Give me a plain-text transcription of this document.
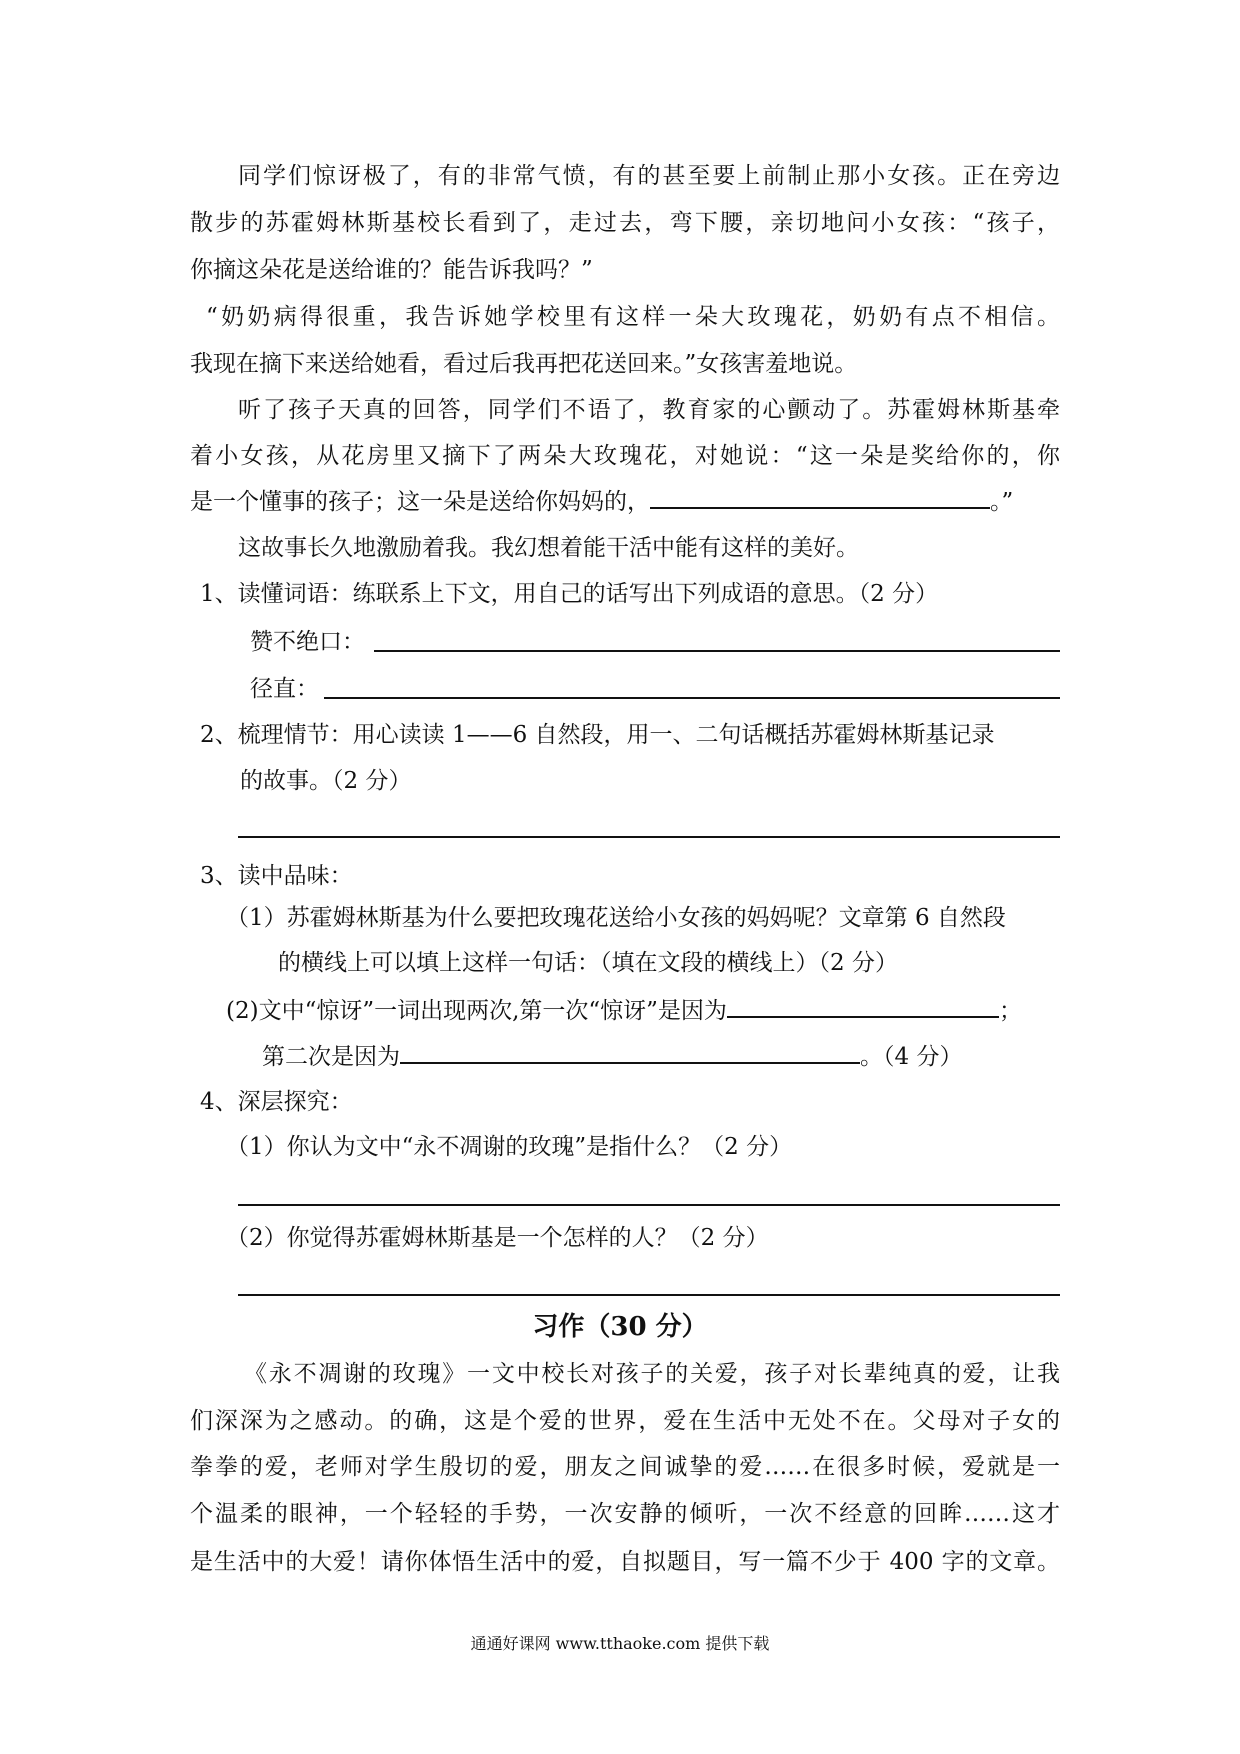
同学们惊讶极了，有的非常气愤，有的甚至要上前制止那小女孩。正在旁边
散步的苏霍姆林斯基校长看到了，走过去，弯下腰，亲切地问小女孩：“孩子，
你摘这朵花是送给谁的？能告诉我吗？”
“奶奶病得很重，我告诉她学校里有这样一朵大玫瑰花，奶奶有点不相信。
我现在摘下来送给她看，看过后我再把花送回来。”女孩害羞地说。
听了孩子天真的回答，同学们不语了，教育家的心颤动了。苏霍姆林斯基牵
着小女孩，从花房里又摘下了两朵大玫瑰花，对她说：“这一朵是奖给你的，你
是一个懂事的孩子；这一朵是送给你妈妈的，	。”
这故事长久地激励着我。我幻想着能干活中能有这样的美好。
1、读懂词语：练联系上下文，用自己的话写出下列成语的意思。（2 分）
赞不绝口：
径直：
2、梳理情节：用心读读 1——6 自然段，用一、二句话概括苏霍姆林斯基记录
的故事。（2 分）
3、读中品味：
（1）苏霍姆林斯基为什么要把玫瑰花送给小女孩的妈妈呢？文章第 6 自然段
的横线上可以填上这样一句话：（填在文段的横线上）（2 分）
(2)文中“惊讶”一词出现两次,第一次“惊讶”是因为	；
第二次是因为	。（4 分）
4、深层探究：
（1）你认为文中“永不凋谢的玫瑰”是指什么？（2 分）
（2）你觉得苏霍姆林斯基是一个怎样的人？（2 分）
习作（30 分）
《永不凋谢的玫瑰》一文中校长对孩子的关爱，孩子对长辈纯真的爱，让我
们深深为之感动。的确，这是个爱的世界，爱在生活中无处不在。父母对子女的
拳拳的爱，老师对学生殷切的爱，朋友之间诚挚的爱……在很多时候，爱就是一
个温柔的眼神，一个轻轻的手势，一次安静的倾听，一次不经意的回眸……这才
是生活中的大爱！请你体悟生活中的爱，自拟题目，写一篇不少于 400 字的文章。
通通好课网 www.tthaoke.com 提供下载
